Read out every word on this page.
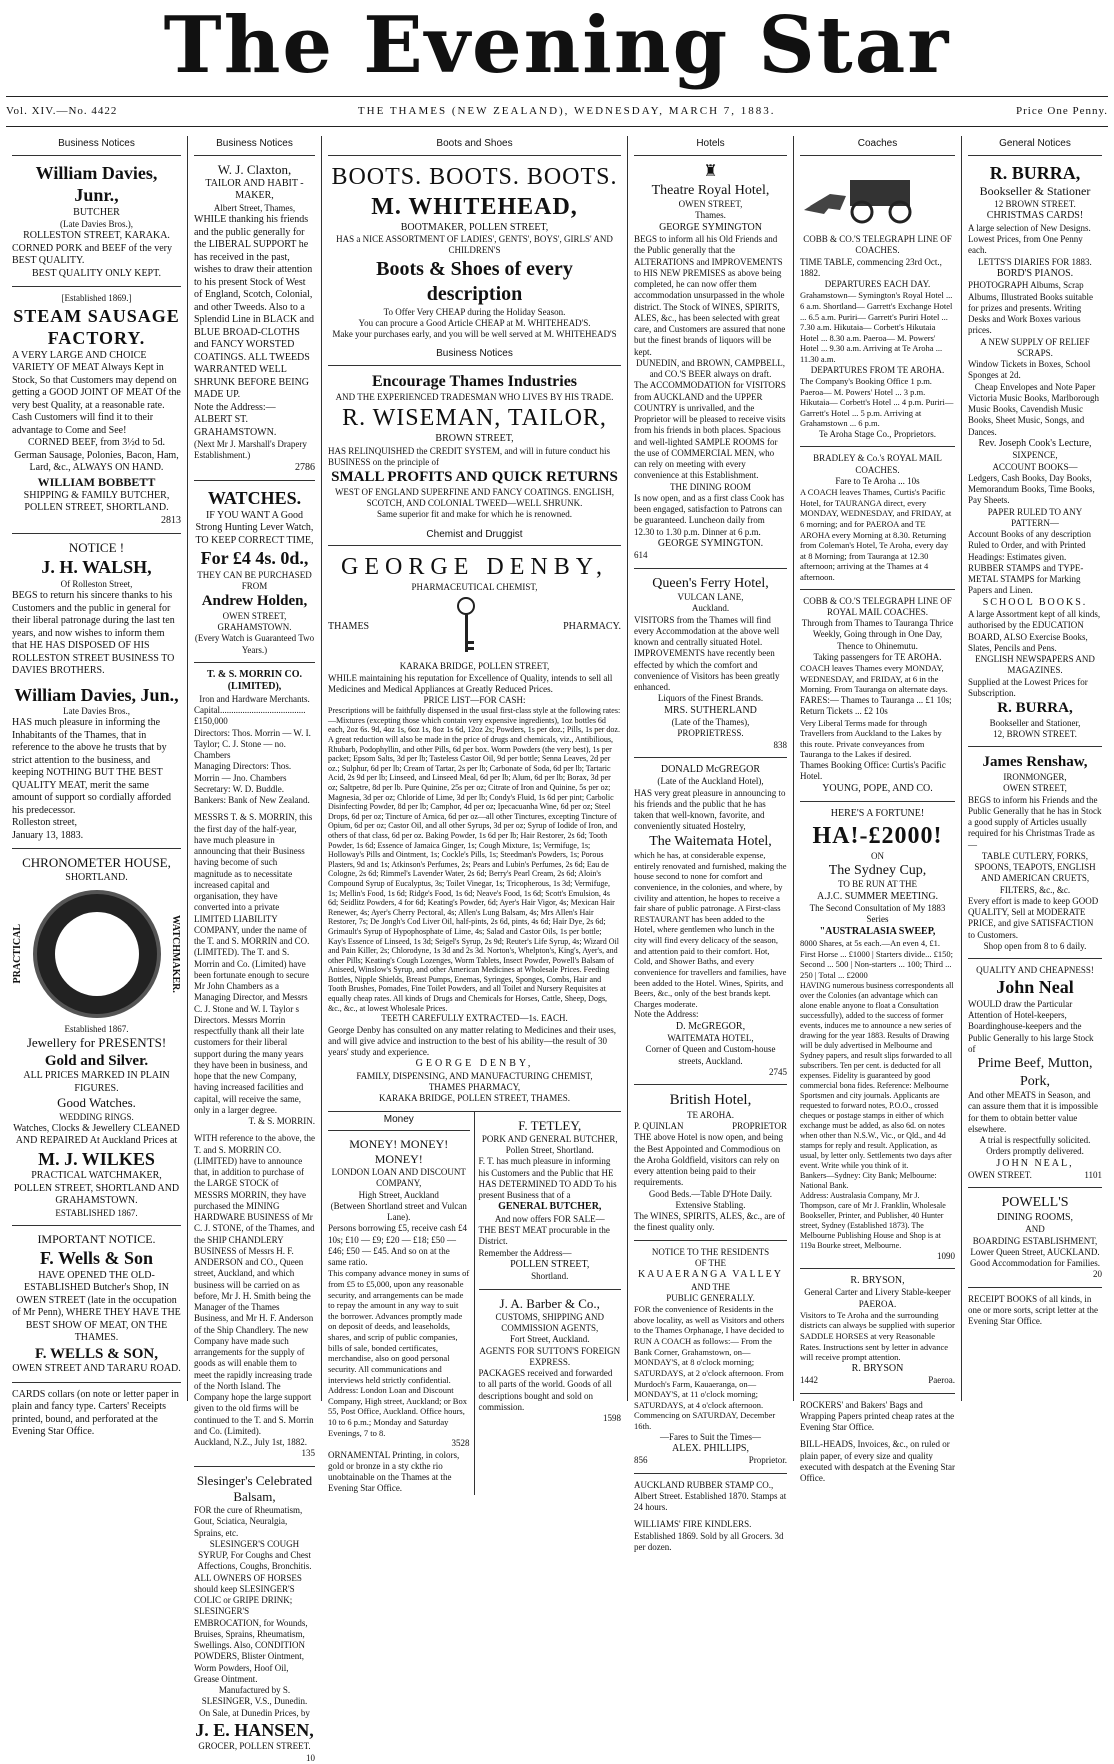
The Evening Star
Vol. XIV.—No. 4422	THE THAMES (NEW ZEALAND), WEDNESDAY, MARCH 7, 1883.	Price One Penny.
Business Notices
William Davies, Junr.,
BUTCHER
(Late Davies Bros.),
ROLLESTON STREET, KARAKA.
CORNED PORK and BEEF of the very BEST QUALITY.
BEST QUALITY ONLY KEPT.
[Established 1869.]
STEAM SAUSAGE FACTORY.
A VERY LARGE AND CHOICE VARIETY OF MEAT Always Kept in Stock, So that Customers may depend on getting a GOOD JOINT OF MEAT Of the very best Quality, at a reasonable rate. Cash Customers will find it to their advantage to Come and See!
CORNED BEEF, from 3½d to 5d. German Sausage, Polonies, Bacon, Ham, Lard, &c., ALWAYS ON HAND.
WILLIAM BOBBETT
SHIPPING & FAMILY BUTCHER,
POLLEN STREET, SHORTLAND.
2813
NOTICE !
J. H. WALSH,
Of Rolleston Street,
BEGS to return his sincere thanks to his Customers and the public in general for their liberal patronage during the last ten years, and now wishes to inform them that HE HAS DISPOSED OF HIS ROLLESTON STREET BUSINESS TO DAVIES BROTHERS.
William Davies, Jun.,
Late Davies Bros.,
HAS much pleasure in informing the Inhabitants of the Thames, that in reference to the above he trusts that by strict attention to the business, and keeping NOTHING BUT THE BEST QUALITY MEAT, merit the same amount of support so cordially afforded his predecessor.
Rolleston street,
January 13, 1883.
CHRONOMETER HOUSE,
SHORTLAND.
PRACTICAL	WATCHMAKER.
Established 1867.
Jewellery for PRESENTS!
Gold and Silver.
ALL PRICES MARKED IN PLAIN FIGURES.
Good Watches.
WEDDING RINGS.
Watches, Clocks & Jewellery CLEANED AND REPAIRED At Auckland Prices at
M. J. WILKES
PRACTICAL WATCHMAKER,
POLLEN STREET, SHORTLAND AND GRAHAMSTOWN.
ESTABLISHED 1867.
IMPORTANT NOTICE.
F. Wells & Son
HAVE OPENED THE OLD-ESTABLISHED Butcher's Shop, IN OWEN STREET (late in the occupation of Mr Penn), WHERE THEY HAVE THE BEST SHOW OF MEAT, ON THE THAMES.
F. WELLS & SON,
OWEN STREET AND TARARU ROAD.
CARDS collars (on note or letter paper in plain and fancy type. Carters' Receipts printed, bound, and perforated at the Evening Star Office.
Business Notices
W. J. Claxton,
TAILOR AND HABIT - MAKER,
Albert Street, Thames,
WHILE thanking his friends and the public generally for the LIBERAL SUPPORT he has received in the past, wishes to draw their attention to his present Stock of West of England, Scotch, Colonial, and other Tweeds. Also to a Splendid Line in BLACK and BLUE BROAD-CLOTHS and FANCY WORSTED COATINGS. ALL TWEEDS WARRANTED WELL SHRUNK BEFORE BEING MADE UP.
Note the Address:— ALBERT ST. GRAHAMSTOWN.
(Next Mr J. Marshall's Drapery Establishment.)
2786
WATCHES.
IF YOU WANT A Good Strong Hunting Lever Watch, TO KEEP CORRECT TIME,
For £4 4s. 0d.,
THEY CAN BE PURCHASED FROM
Andrew Holden,
OWEN STREET, GRAHAMSTOWN.
(Every Watch is Guaranteed Two Years.)
T. & S. MORRIN CO. (LIMITED),
Iron and Hardware Merchants.
Capital......................................£150,000
Directors: Thos. Morrin — W. I. Taylor; C. J. Stone — no. Chambers
Managing Directors: Thos. Morrin — Jno. Chambers
Secretary: W. D. Buddle.
Bankers: Bank of New Zealand.
MESSRS T. & S. MORRIN, this the first day of the half-year, have much pleasure in announcing that their Business having become of such magnitude as to necessitate increased capital and organisation, they have converted into a private LIMITED LIABILITY COMPANY, under the name of the T. and S. MORRIN and CO. (LIMITED). The T. and S. Morrin and Co. (Limited) have been fortunate enough to secure Mr John Chambers as a Managing Director, and Messrs C. J. Stone and W. I. Taylor s Directors. Messrs Morrin respectfully thank all their late customers for their liberal support during the many years they have been in business, and hope that the new Company, having increased facilities and capital, will receive the same, only in a larger degree.
T. & S. MORRIN.
WITH reference to the above, the T. and S. MORRIN CO. (LIMITED) have to announce that, in addition to purchase of the LARGE STOCK of MESSRS MORRIN, they have purchased the MINING HARDWARE BUSINESS of Mr C. J. STONE, of the Thames, and the SHIP CHANDLERY BUSINESS of Messrs H. F. ANDERSON and CO., Queen street, Auckland, and which business will be carried on as before, Mr J. H. Smith being the Manager of the Thames Business, and Mr H. F. Anderson of the Ship Chandlery. The new Company have made such arrangements for the supply of goods as will enable them to meet the rapidly increasing trade of the North Island. The Company hope the large support given to the old firms will be continued to the T. and S. Morrin and Co. (Limited).
Auckland, N.Z., July 1st, 1882.
135
Slesinger's Celebrated Balsam,
FOR the cure of Rheumatism, Gout, Sciatica, Neuralgia, Sprains, etc.
SLESINGER'S COUGH SYRUP, For Coughs and Chest Affections, Coughs, Bronchitis.
ALL OWNERS OF HORSES should keep SLESINGER'S COLIC or GRIPE DRINK; SLESINGER'S EMBROCATION, for Wounds, Bruises, Sprains, Rheumatism, Swellings. Also, CONDITION POWDERS, Blister Ointment, Worm Powders, Hoof Oil, Grease Ointment.
Manufactured by S. SLESINGER, V.S., Dunedin.
On Sale, at Dunedin Prices, by
J. E. HANSEN,
GROCER, POLLEN STREET.
10
Boots and Shoes
BOOTS. BOOTS. BOOTS.
M. WHITEHEAD,
BOOTMAKER, POLLEN STREET,
HAS a NICE ASSORTMENT OF LADIES', GENTS', BOYS', GIRLS' AND CHILDREN'S
Boots & Shoes of every description
To Offer Very CHEAP during the Holiday Season.
You can procure a Good Article CHEAP at M. WHITEHEAD'S.
Make your purchases early, and you will be well served at M. WHITEHEAD'S
Business Notices
Encourage Thames Industries
AND THE EXPERIENCED TRADESMAN WHO LIVES BY HIS TRADE.
R. WISEMAN, TAILOR,
BROWN STREET,
HAS RELINQUISHED the CREDIT SYSTEM, and will in future conduct his BUSINESS on the principle of
SMALL PROFITS AND QUICK RETURNS
WEST OF ENGLAND SUPERFINE AND FANCY COATINGS. ENGLISH, SCOTCH, AND COLONIAL TWEED—WELL SHRUNK.
Same superior fit and make for which he is renowned.
Chemist and Druggist
GEORGE DENBY,
PHARMACEUTICAL CHEMIST,
THAMES	PHARMACY.
KARAKA BRIDGE, POLLEN STREET,
WHILE maintaining his reputation for Excellence of Quality, intends to sell all Medicines and Medical Appliances at Greatly Reduced Prices.
PRICE LIST—FOR CASH:
Prescriptions will be faithfully dispensed in the usual first-class style at the following rates:—Mixtures (excepting those which contain very expensive ingredients), 1oz bottles 6d each, 2oz 6s. 9d, 4oz 1s, 6oz 1s, 8oz 1s 6d, 12oz 2s; Powders, 1s per doz.; Pills, 1s per doz. A great reduction will also be made in the price of drugs and chemicals, viz., Antibilious, Rhubarb, Podophyllin, and other Pills, 6d per box. Worm Powders (the very best), 1s per packet; Epsom Salts, 3d per lb; Tasteless Castor Oil, 9d per bottle; Senna Leaves, 2d per oz.; Sulphur, 6d per lb; Cream of Tartar, 2s per lb; Carbonate of Soda, 6d per lb; Tartaric Acid, 2s 9d per lb; Linseed, and Linseed Meal, 6d per lb; Alum, 6d per lb; Borax, 3d per oz; Saltpetre, 8d per lb. Pure Quinine, 25s per oz; Citrate of Iron and Quinine, 5s per oz; Magnesia, 3d per oz; Chloride of Lime, 3d per lb; Condy's Fluid, 1s 6d per pint; Carbolic Disinfecting Powder, 8d per lb; Camphor, 4d per oz; Ipecacuanha Wine, 6d per oz; Steel Drops, 6d per oz; Tincture of Arnica, 6d per oz—all other Tinctures, excepting Tincture of Opium, 6d per oz; Castor Oil, and all other Syrups, 3d per oz; Syrup of Iodide of Iron, and others of that class, 6d per oz. Baking Powder, 1s 6d per lb; Hair Restorer, 2s 6d; Tooth Powder, 1s 6d; Essence of Jamaica Ginger, 1s; Cough Mixture, 1s; Vermifuge, 1s; Holloway's Pills and Ointment, 1s; Cockle's Pills, 1s; Steedman's Powders, 1s; Porous Plasters, 9d and 1s; Atkinson's Perfumes, 2s; Pears and Lubin's Perfumes, 2s 6d; Eau de Cologne, 2s 6d; Rimmel's Lavender Water, 2s 6d; Berry's Pearl Cream, 2s 6d; Aloin's Compound Syrup of Eucalyptus, 3s; Toilet Vinegar, 1s; Tricopherous, 1s 3d; Vermifuge, 1s; Mellin's Food, 1s 6d; Ridge's Food, 1s 6d; Neave's Food, 1s 6d; Scott's Emulsion, 4s 6d; Seidlitz Powders, 4 for 6d; Keating's Powder, 6d; Ayer's Hair Vigor, 4s; Mexican Hair Renewer, 4s; Ayer's Cherry Pectoral, 4s; Allen's Lung Balsam, 4s; Mrs Allen's Hair Restorer, 7s; De Jongh's Cod Liver Oil, half-pints, 2s 6d, pints, 4s 6d; Hair Dye, 2s 6d; Grimault's Syrup of Hypophosphate of Lime, 4s; Salad and Castor Oils, 1s per bottle; Kay's Essence of Linseed, 1s 3d; Seigel's Syrup, 2s 9d; Reuter's Life Syrup, 4s; Wizard Oil and Pain Killer, 2s; Chlorodyne, 1s 3d and 2s 3d. Norton's, Whelpton's, King's, Ayer's, and other Pills; Keating's Cough Lozenges, Worm Tablets, Insect Powder, Powell's Balsam of Aniseed, Winslow's Syrup, and other American Medicines at Wholesale Prices. Feeding Bottles, Nipple Shields, Breast Pumps, Enemas, Syringes, Sponges, Combs, Hair and Tooth Brushes, Pomades, Fine Toilet Powders, and all Toilet and Nursery Requisites at equally cheap rates. All kinds of Drugs and Chemicals for Horses, Cattle, Sheep, Dogs, &c., &c., at lowest Wholesale Prices.
TEETH CAREFULLY EXTRACTED—1s. EACH.
George Denby has consulted on any matter relating to Medicines and their uses, and will give advice and instruction to the best of his ability—the result of 30 years' study and experience.
GEORGE DENBY,
FAMILY, DISPENSING, AND MANUFACTURING CHEMIST,
THAMES PHARMACY,
KARAKA BRIDGE, POLLEN STREET, THAMES.
Money
MONEY! MONEY! MONEY!
LONDON LOAN AND DISCOUNT COMPANY,
High Street, Auckland
(Between Shortland street and Vulcan Lane).
Persons borrowing £5, receive cash £4 10s; £10 — £9; £20 — £18; £50 — £46; £50 — £45. And so on at the same ratio.
This company advance money in sums of from £5 to £5,000, upon any reasonable security, and arrangements can be made to repay the amount in any way to suit the borrower. Advances promptly made on deposit of deeds, and leaseholds, shares, and scrip of public companies, bills of sale, bonded certificates, merchandise, also on good personal security. All communications and interviews held strictly confidential.
Address: London Loan and Discount Company, High street, Auckland; or Box 55, Post Office, Auckland. Office hours, 10 to 6 p.m.; Monday and Saturday Evenings, 7 to 8.
3528
ORNAMENTAL Printing, in colors, gold or bronze in a sty ckthe rio unobtainable on the Thames at the Evening Star Office.
F. TETLEY,
PORK AND GENERAL BUTCHER,
Pollen Street, Shortland.
F. T. has much pleasure in informing his Customers and the Public that HE HAS DETERMINED TO ADD To his present Business that of a
GENERAL BUTCHER,
And now offers FOR SALE—
THE BEST MEAT procurable in the District.
Remember the Address—
POLLEN STREET,
Shortland.
J. A. Barber & Co.,
CUSTOMS, SHIPPING AND COMMISSION AGENTS,
Fort Street, Auckland.
AGENTS FOR SUTTON'S FOREIGN EXPRESS.
PACKAGES received and forwarded to all parts of the world. Goods of all descriptions bought and sold on commission.
1598
Hotels
♜
Theatre Royal Hotel,
OWEN STREET,
Thames.
GEORGE SYMINGTON
BEGS to inform all his Old Friends and the Public generally that the ALTERATIONS and IMPROVEMENTS to HIS NEW PREMISES as above being completed, he can now offer them accommodation unsurpassed in the whole district. The Stock of WINES, SPIRITS, ALES, &c., has been selected with great care, and Customers are assured that none but the finest brands of liquors will be kept.
DUNEDIN, and BROWN, CAMPBELL, and CO.'S BEER always on draft.
The ACCOMMODATION for VISITORS from AUCKLAND and the UPPER COUNTRY is unrivalled, and the Proprietor will be pleased to receive visits from his friends in both places. Spacious and well-lighted SAMPLE ROOMS for the use of COMMERCIAL MEN, who can rely on meeting with every convenience at this Establishment.
THE DINING ROOM
Is now open, and as a first class Cook has been engaged, satisfaction to Patrons can be guaranteed. Luncheon daily from 12.30 to 1.30 p.m. Dinner at 6 p.m.
GEORGE SYMINGTON.
614
Queen's Ferry Hotel,
VULCAN LANE,
Auckland.
VISITORS from the Thames will find every Accommodation at the above well known and centrally situated Hotel. IMPROVEMENTS have recently been effected by which the comfort and convenience of Visitors has been greatly enhanced.
Liquors of the Finest Brands.
MRS. SUTHERLAND
(Late of the Thames),
PROPRIETRESS.
838
DONALD McGREGOR
(Late of the Auckland Hotel),
HAS very great pleasure in announcing to his friends and the public that he has taken that well-known, favorite, and conveniently situated Hostelry,
The Waitemata Hotel,
which he has, at considerable expense, entirely renovated and furnished, making the house second to none for comfort and convenience, in the colonies, and where, by civility and attention, he hopes to receive a fair share of public patronage. A First-class RESTAURANT has been added to the Hotel, where gentlemen who lunch in the city will find every delicacy of the season, and attention paid to their comfort. Hot, Cold, and Shower Baths, and every convenience for travellers and families, have been added to the Hotel. Wines, Spirits, and Beers, &c., only of the best brands kept. Charges moderate.
Note the Address:
D. McGREGOR,
WAITEMATA HOTEL,
Corner of Queen and Custom-house streets, Auckland.
2745
British Hotel,
TE AROHA.
P. QUINLAN	PROPRIETOR
THE above Hotel is now open, and being the Best Appointed and Commodious on the Aroha Goldfield, visitors can rely on every attention being paid to their requirements.
Good Beds.—Table D'Hote Daily.
Extensive Stabling.
The WINES, SPIRITS, ALES, &c., are of the finest quality only.
NOTICE TO THE RESIDENTS
OF THE
KAUAERANGA VALLEY
AND THE
PUBLIC GENERALLY.
FOR the convenience of Residents in the above locality, as well as Visitors and others to the Thames Orphanage, I have decided to RUN A COACH as follows:— From the Bank Corner, Grahamstown, on— MONDAY'S, at 8 o'clock morning; SATURDAYS, at 2 o'clock afternoon. From Murdoch's Farm, Kauaeranga, on— MONDAY'S, at 11 o'clock morning; SATURDAYS, at 4 o'clock afternoon. Commencing on SATURDAY, December 16th.
—Fares to Suit the Times—
ALEX. PHILLIPS,
856	Proprietor.
AUCKLAND RUBBER STAMP CO., Albert Street. Established 1870. Stamps at 24 hours.
WILLIAMS' FIRE KINDLERS. Established 1869. Sold by all Grocers. 3d per dozen.
Coaches
COBB & CO.'S TELEGRAPH LINE OF COACHES.
TIME TABLE, commencing 23rd Oct., 1882.
DEPARTURES EACH DAY.
Grahamstown— Symington's Royal Hotel ... 6 a.m. Shortland— Garrett's Exchange Hotel ... 6.5 a.m. Puriri— Garrett's Puriri Hotel ... 7.30 a.m. Hikutaia— Corbett's Hikutaia Hotel ... 8.30 a.m. Paeroa— M. Powers' Hotel ... 9.30 a.m. Arriving at Te Aroha ... 11.30 a.m.
DEPARTURES FROM TE AROHA.
The Company's Booking Office 1 p.m. Paeroa— M. Powers' Hotel ... 3 p.m. Hikutaia— Corbett's Hotel ... 4 p.m. Puriri— Garrett's Hotel ... 5 p.m. Arriving at Grahamstown ... 6 p.m.
Te Aroha Stage Co., Proprietors.
BRADLEY & Co.'s ROYAL MAIL COACHES.
Fare to Te Aroha ... 10s
A COACH leaves Thames, Curtis's Pacific Hotel, for TAURANGA direct, every MONDAY, WEDNESDAY, and FRIDAY, at 6 morning; and for PAEROA and TE AROHA every Morning at 8.30. Returning from Coleman's Hotel, Te Aroha, every day at 8 Morning; from Tauranga at 12.30 afternoon; arriving at the Thames at 4 afternoon.
COBB & CO.'S TELEGRAPH LINE OF ROYAL MAIL COACHES.
Through from Thames to Tauranga Thrice Weekly, Going through in One Day, Thence to Ohinemutu.
Taking passengers for TE AROHA.
COACH leaves Thames every MONDAY, WEDNESDAY, and FRIDAY, at 6 in the Morning. From Tauranga on alternate days.
FARES:— Thames to Tauranga ... £1 10s; Return Tickets ... £2 10s
Very Liberal Terms made for through Travellers from Auckland to the Lakes by this route. Private conveyances from Tauranga to the Lakes if desired.
Thames Booking Office: Curtis's Pacific Hotel.
YOUNG, POPE, AND CO.
HERE'S A FORTUNE!
HA!-£2000!
ON
The Sydney Cup,
TO BE RUN AT THE
A.J.C. SUMMER MEETING.
The Second Consultation of My 1883 Series
"AUSTRALASIA SWEEP,
8000 Shares, at 5s each.—An even 4, £1. First Horse ... £1000 | Starters divide... £150; Second ... 500 | Non-starters ... 100; Third ... 250 | Total ... £2000
HAVING numerous business correspondents all over the Colonies (an advantage which can alone enable anyone to float a Consultation successfully), added to the success of former events, induces me to announce a new series of drawing for the year 1883. Results of Drawing will be duly advertised in Melbourne and Sydney papers, and result slips forwarded to all subscribers. Ten per cent. is deducted for all expenses. Fidelity is guaranteed by good commercial bona fides. Reference: Melbourne Sportsmen and city journals. Applicants are requested to forward notes, P.O.O., crossed cheques or postage stamps in either of which exchange must be added, as also 6d. on notes when other than N.S.W., Vic., or Qld., and 4d stamps for reply and result. Application, as usual, by letter only. Settlements two days after event. Write while you think of it.
Bankers—Sydney: City Bank; Melbourne: National Bank.
Address: Australasia Company, Mr J. Thompson, care of Mr J. Franklin, Wholesale Bookseller, Printer, and Publisher, 40 Hunter street, Sydney (Established 1873). The Melbourne Publishing House and Shop is at 119a Bourke street, Melbourne.
1090
R. BRYSON,
General Carter and Livery Stable-keeper
PAEROA.
Visitors to Te Aroha and the surrounding districts can always be supplied with superior SADDLE HORSES at very Reasonable Rates. Instructions sent by letter in advance will receive prompt attention.
R. BRYSON
1442	Paeroa.
ROCKERS' and Bakers' Bags and Wrapping Papers printed cheap rates at the Evening Star Office.
BILL-HEADS, Invoices, &c., on ruled or plain paper, of every size and quality executed with despatch at the Evening Star Office.
General Notices
R. BURRA,
Bookseller & Stationer
12 BROWN STREET.
CHRISTMAS CARDS!
A large selection of New Designs. Lowest Prices, from One Penny each.
LETTS'S DIARIES FOR 1883.
BORD'S PIANOS.
PHOTOGRAPH Albums, Scrap Albums, Illustrated Books suitable for prizes and presents. Writing Desks and Work Boxes various prices.
A NEW SUPPLY OF RELIEF SCRAPS.
Window Tickets in Boxes, School Sponges at 2d.
Cheap Envelopes and Note Paper
Victoria Music Books, Marlborough Music Books, Cavendish Music Books, Sheet Music, Songs, and Dances.
Rev. Joseph Cook's Lecture,
SIXPENCE,
ACCOUNT BOOKS—
Ledgers, Cash Books, Day Books, Memorandum Books, Time Books, Pay Sheets.
PAPER RULED TO ANY PATTERN—
Account Books of any description Ruled to Order, and with Printed Headings: Estimates given.
RUBBER STAMPS and TYPE-METAL STAMPS for Marking Papers and Linen.
SCHOOL BOOKS.
A large Assortment kept of all kinds, authorised by the EDUCATION BOARD, ALSO Exercise Books, Slates, Pencils and Pens.
ENGLISH NEWSPAPERS AND MAGAZINES.
Supplied at the Lowest Prices for Subscription.
R. BURRA,
Bookseller and Stationer,
12, BROWN STREET.
James Renshaw,
IRONMONGER,
OWEN STREET,
BEGS to inform his Friends and the Public Generally that he has in Stock a good supply of Articles usually required for his Christmas Trade as—
TABLE CUTLERY, FORKS, SPOONS, TEAPOTS, ENGLISH AND AMERICAN CRUETS, FILTERS, &c., &c.
Every effort is made to keep GOOD QUALITY, Sell at MODERATE PRICE, and give SATISFACTION to Customers.
Shop open from 8 to 6 daily.
QUALITY AND CHEAPNESS!
John Neal
WOULD draw the Particular Attention of Hotel-keepers, Boardinghouse-keepers and the Public Generally to his large Stock of
Prime Beef, Mutton, Pork,
And other MEATS in Season, and can assure them that it is impossible for them to obtain better value elsewhere.
A trial is respectfully solicited.
Orders promptly delivered.
JOHN NEAL,
OWEN STREET.	1101
POWELL'S
DINING ROOMS,
AND
BOARDING ESTABLISHMENT,
Lower Queen Street, AUCKLAND.
Good Accommodation for Families.
20
RECEIPT BOOKS of all kinds, in one or more sorts, script letter at the Evening Star Office.
